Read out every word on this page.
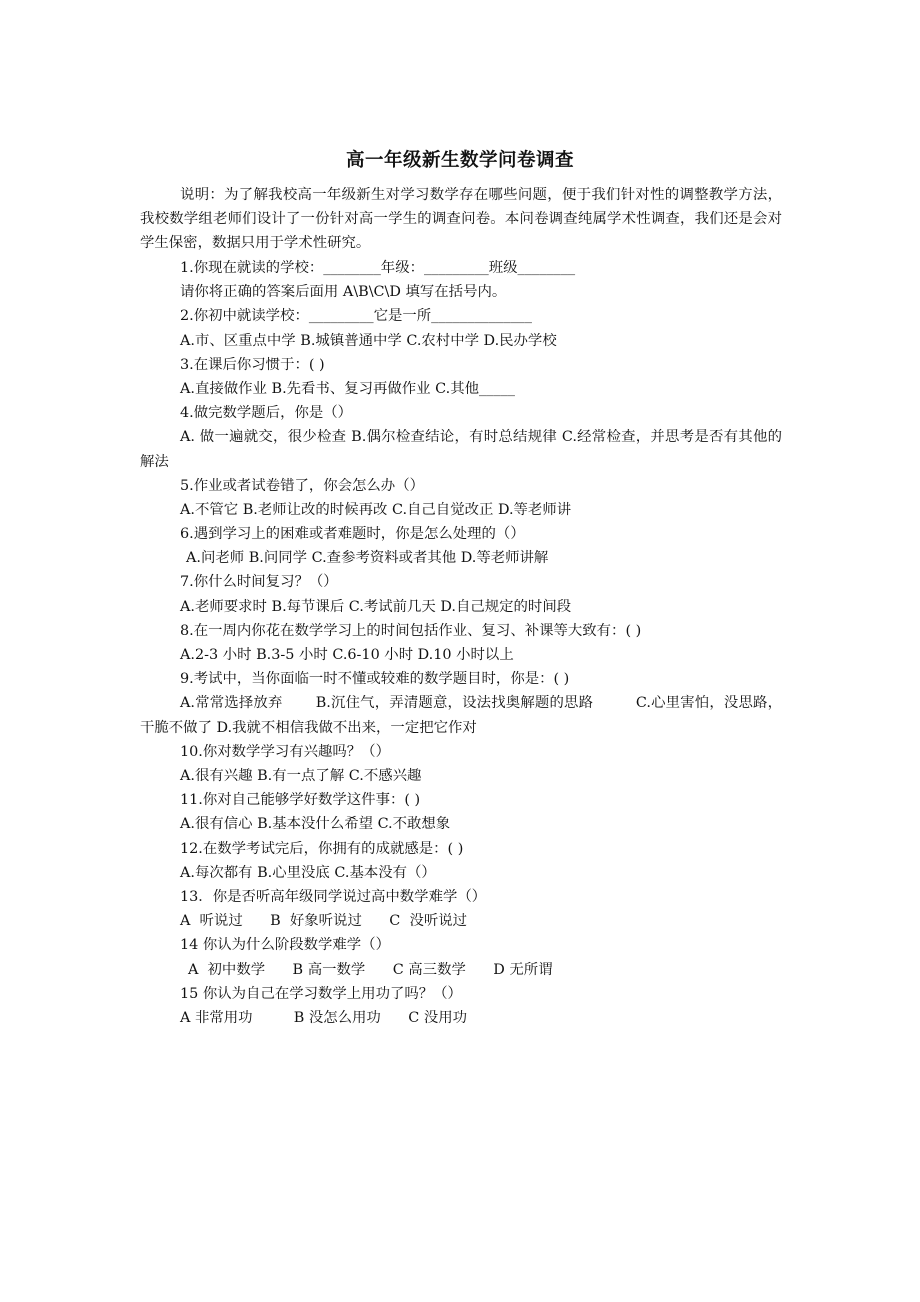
高一年级新生数学问卷调查

说明：为了解我校高一年级新生对学习数学存在哪些问题，便于我们针对性的调整教学方法，我校数学组老师们设计了一份针对高一学生的调查问卷。本问卷调查纯属学术性调查，我们还是会对学生保密，数据只用于学术性研究。

1.你现在就读的学校：________年级：_________班级________

请你将正确的答案后面用 A\B\C\D 填写在括号内。

2.你初中就读学校：_________它是一所______________

A.市、区重点中学 B.城镇普通中学 C.农村中学 D.民办学校

3.在课后你习惯于：( )

A.直接做作业 B.先看书、复习再做作业 C.其他_____

4.做完数学题后，你是（）

A. 做一遍就交，很少检查 B.偶尔检查结论，有时总结规律 C.经常检查，并思考是否有其他的解法

5.作业或者试卷错了，你会怎么办（）

A.不管它 B.老师让改的时候再改 C.自己自觉改正 D.等老师讲

6.遇到学习上的困难或者难题时，你是怎么处理的（）

A.问老师 B.问同学 C.查参考资料或者其他 D.等老师讲解

7.你什么时间复习？（）

A.老师要求时 B.每节课后 C.考试前几天 D.自己规定的时间段

8.在一周内你花在数学学习上的时间包括作业、复习、补课等大致有：( )

A.2-3 小时 B.3-5 小时 C.6-10 小时 D.10 小时以上

9.考试中，当你面临一时不懂或较难的数学题目时，你是：( )

A.常常选择放弃       B.沉住气，弄清题意，设法找奥解题的思路         C.心里害怕，没思路，干脆不做了 D.我就不相信我做不出来，一定把它作对

10.你对数学学习有兴趣吗？（）

A.很有兴趣 B.有一点了解 C.不感兴趣

11.你对自己能够学好数学这件事：( )

A.很有信心 B.基本没什么希望 C.不敢想象

12.在数学考试完后，你拥有的成就感是：( )

A.每次都有 B.心里没底 C.基本没有（）

13．你是否听高年级同学说过高中数学难学（）

A  听说过      B  好象听说过      C  没听说过

14 你认为什么阶段数学难学（）

A  初中数学      B 高一数学      C 高三数学      D 无所谓

15 你认为自己在学习数学上用功了吗？（）

A 非常用功         B 没怎么用功      C 没用功
